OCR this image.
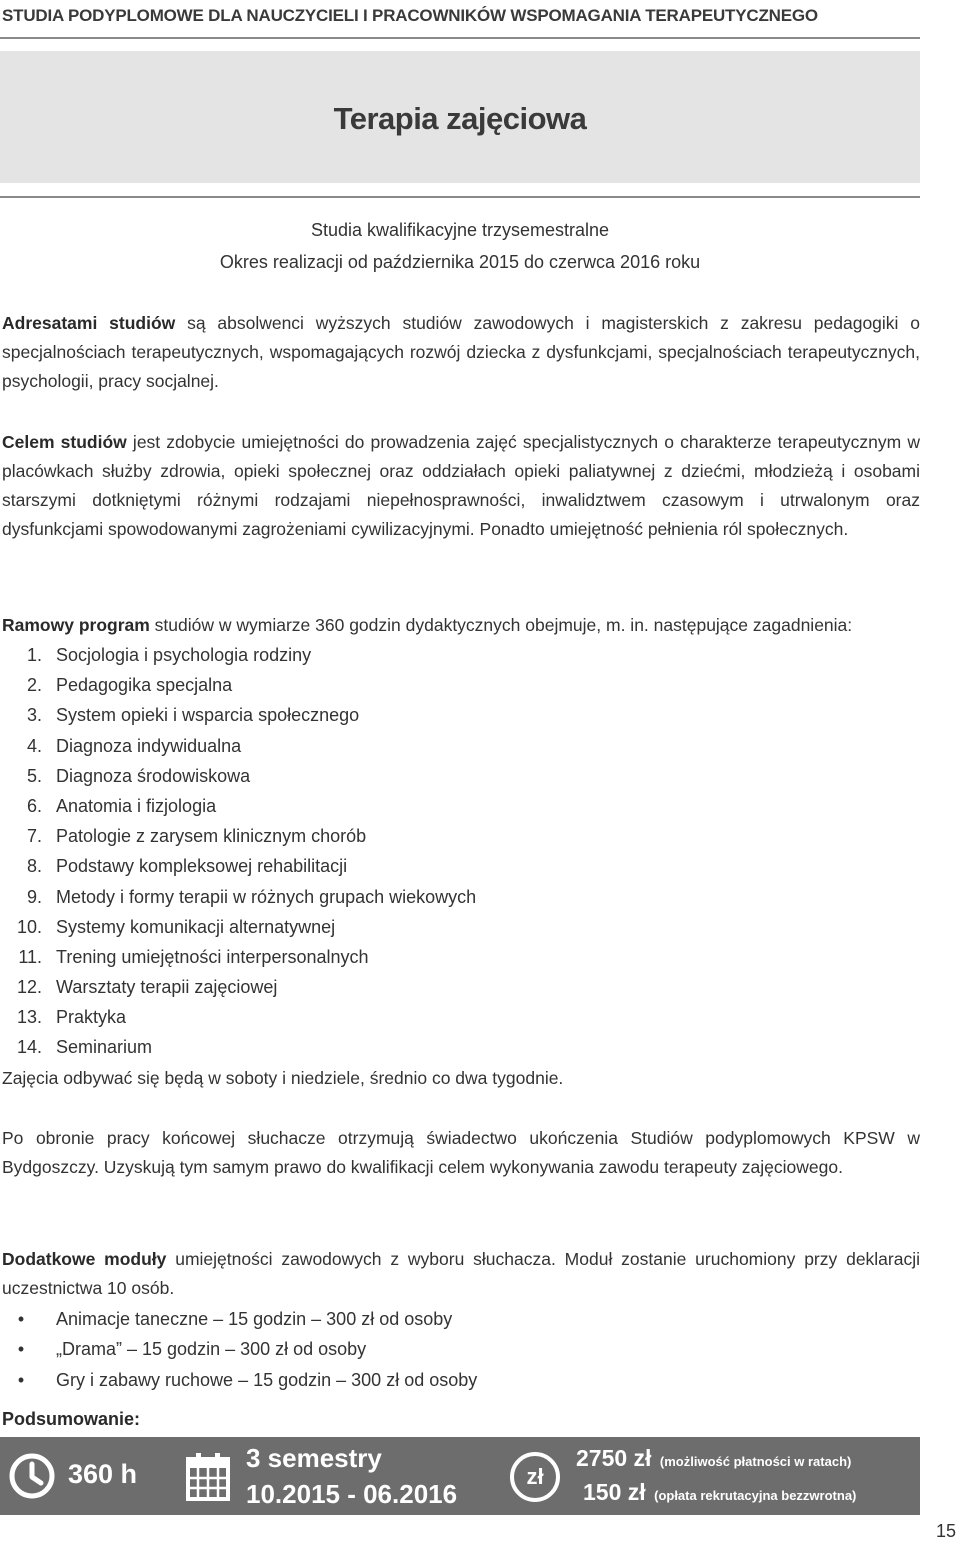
STUDIA PODYPLOMOWE DLA NAUCZYCIELI I PRACOWNIKÓW WSPOMAGANIA TERAPEUTYCZNEGO
Terapia zajęciowa
Studia kwalifikacyjne trzysemestralne
Okres realizacji od października 2015 do czerwca 2016 roku
Adresatami studiów są absolwenci wyższych studiów zawodowych i magisterskich z zakresu pedagogiki o specjalnościach terapeutycznych, wspomagających rozwój dziecka z dysfunkcjami, specjalnościach terapeutycznych, psychologii, pracy socjalnej.
Celem studiów jest zdobycie umiejętności do prowadzenia zajęć specjalistycznych o charakterze terapeutycznym w placówkach służby zdrowia, opieki społecznej oraz oddziałach opieki paliatywnej z dziećmi, młodzieżą i osobami starszymi dotkniętymi różnymi rodzajami niepełnosprawności, inwalidztwem czasowym i utrwalonym oraz dysfunkcjami spowodowanymi zagrożeniami cywilizacyjnymi. Ponadto umiejętność pełnienia ról społecznych.
Ramowy program studiów w wymiarze 360 godzin dydaktycznych obejmuje, m. in. następujące zagadnienia:
1. Socjologia i psychologia rodziny
2. Pedagogika specjalna
3. System opieki i wsparcia społecznego
4. Diagnoza indywidualna
5. Diagnoza środowiskowa
6. Anatomia i fizjologia
7. Patologie z zarysem klinicznym chorób
8. Podstawy kompleksowej rehabilitacji
9. Metody i formy terapii w różnych grupach wiekowych
10. Systemy komunikacji alternatywnej
11. Trening umiejętności interpersonalnych
12. Warsztaty terapii zajęciowej
13. Praktyka
14. Seminarium
Zajęcia odbywać się będą w soboty i niedziele, średnio co dwa tygodnie.
Po obronie pracy końcowej słuchacze otrzymują świadectwo ukończenia Studiów podyplomowych KPSW w Bydgoszczy. Uzyskują tym samym prawo do kwalifikacji celem wykonywania zawodu terapeuty zajęciowego.
Dodatkowe moduły umiejętności zawodowych z wyboru słuchacza. Moduł zostanie uruchomiony przy deklaracji uczestnictwa 10 osób.
• Animacje taneczne – 15 godzin – 300 zł od osoby
• „Drama” – 15 godzin – 300 zł od osoby
• Gry i zabawy ruchowe – 15 godzin – 300 zł od osoby
Podsumowanie:
360 h
3 semestry
10.2015 - 06.2016
zł
2750 zł (możliwość płatności w ratach)
150 zł (opłata rekrutacyjna bezzwrotna)
15
